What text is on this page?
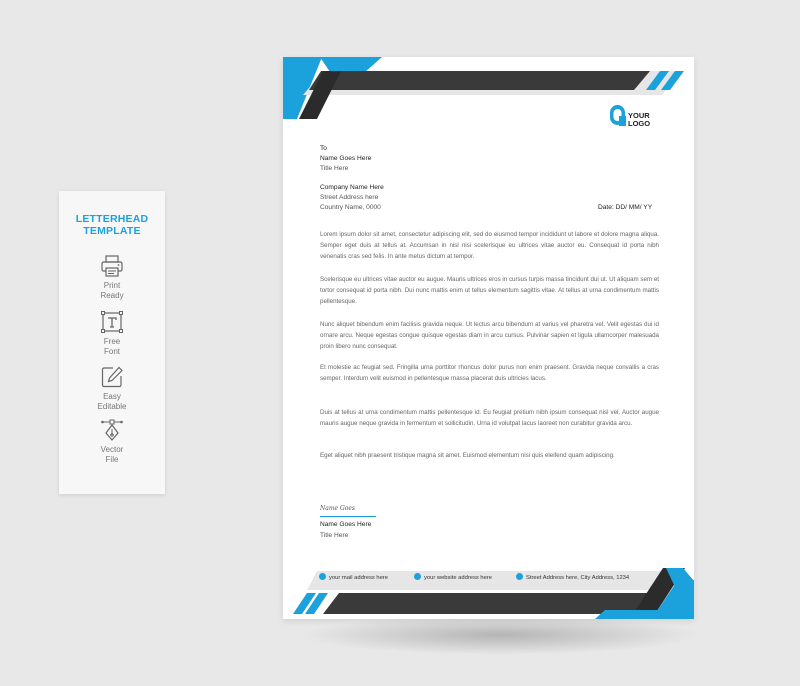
LETTERHEAD
TEMPLATE
Print
Ready
Free
Font
Easy
Editable
Vector
File
YOUR
LOGO
To
Name Goes Here
Title Here
Company Name Here
Street Address here
Country Name, 0000	Date: DD/ MM/ YY
Lorem ipsum dolor sit amet, consectetur adipiscing elit, sed do eiusmod tempor incididunt ut labore et dolore magna aliqua. Semper eget duis at tellus at. Accumsan in nisl nisi scelerisque eu ultrices vitae auctor eu. Consequat id porta nibh venenatis cras sed felis. In ante metus dictum at tempor.
Scelerisque eu ultrices vitae auctor eu augue. Mauris ultrices eros in cursus turpis massa tincidunt dui ut. Ut aliquam sem et tortor consequat id porta nibh. Dui nunc mattis enim ut tellus elementum sagittis vitae. At tellus at urna condimentum mattis pellentesque.
Nunc aliquet bibendum enim facilisis gravida neque. Ut lectus arcu bibendum at varius vel pharetra vel. Velit egestas dui id ornare arcu. Neque egestas congue quisque egestas diam in arcu cursus. Pulvinar sapien et ligula ullamcorper malesuada proin libero nunc consequat.
Et molestie ac feugiat sed. Fringilla urna porttitor rhoncus dolor purus non enim praesent. Gravida neque convallis a cras semper. Interdum velit euismod in pellentesque massa placerat duis ultricies lacus.
Duis at tellus at urna condimentum mattis pellentesque id. Eu feugiat pretium nibh ipsum consequat nisl vel. Auctor augue mauris augue neque gravida in fermentum et sollicitudin. Urna id volutpat lacus laoreet non curabitur gravida arcu.
Eget aliquet nibh praesent tristique magna sit amet. Euismod elementum nisi quis eleifend quam adipiscing.
Name Goes
Name Goes Here
Title Here
your mail address here	your website address here	Street Address here, City Address, 1234
